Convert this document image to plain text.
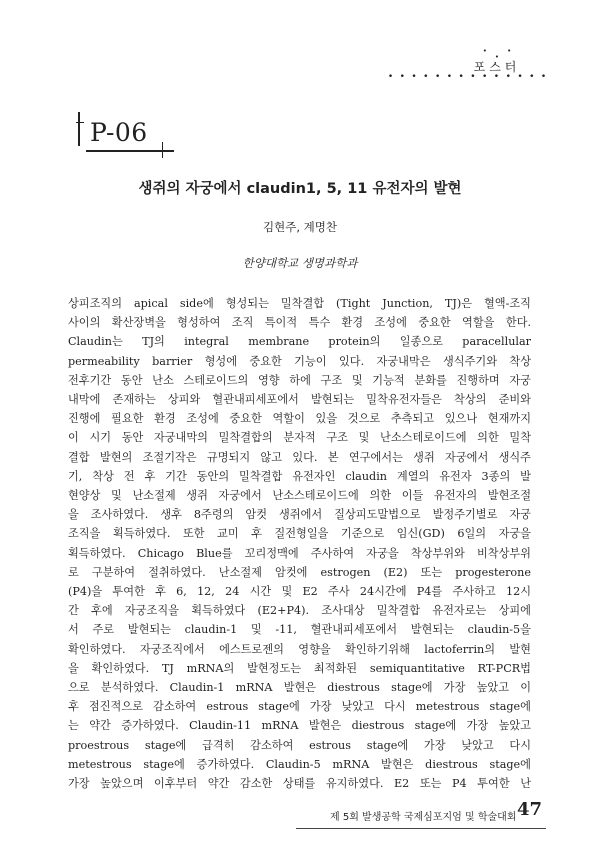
• • •
포스터
• • • • • • • • • • • • • •
P-06
생쥐의 자궁에서 claudin1, 5, 11 유전자의 발현
김현주, 계명찬
한양대학교 생명과학과
상피조직의 apical side에 형성되는 밀착결합 (Tight Junction, TJ)은 혈액-조직
사이의 확산장벽을 형성하여 조직 특이적 특수 환경 조성에 중요한 역할을 한다.
Claudin는 TJ의 integral membrane protein의 일종으로 paracellular
permeability barrier 형성에 중요한 기능이 있다. 자궁내막은 생식주기와 착상
전후기간 동안 난소 스테로이드의 영향 하에 구조 및 기능적 분화를 진행하며 자궁
내막에 존재하는 상피와 혈관내피세포에서 발현되는 밀착유전자들은 착상의 준비와
진행에 필요한 환경 조성에 중요한 역할이 있을 것으로 추측되고 있으나 현재까지
이 시기 동안 자궁내막의 밀착결합의 분자적 구조 및 난소스테로이드에 의한 밀착
결합 발현의 조절기작은 규명되지 않고 있다. 본 연구에서는 생쥐 자궁에서 생식주
기, 착상 전 후 기간 동안의 밀착결합 유전자인 claudin 계열의 유전자 3종의 발
현양상 및 난소절제 생쥐 자궁에서 난소스테로이드에 의한 이들 유전자의 발현조절
을 조사하였다. 생후 8주령의 암컷 생쥐에서 질상피도말법으로 발정주기별로 자궁
조직을 획득하였다. 또한 교미 후 질전형일을 기준으로 임신(GD) 6일의 자궁을
획득하였다. Chicago Blue를 꼬리정맥에 주사하여 자궁을 착상부위와 비착상부위
로 구분하여 절취하였다. 난소절제 암컷에 estrogen (E2) 또는 progesterone
(P4)을 투여한 후 6, 12, 24 시간 및 E2 주사 24시간에 P4를 주사하고 12시
간 후에 자궁조직을 획득하였다 (E2+P4). 조사대상 밀착결합 유전자로는 상피에
서 주로 발현되는 claudin-1 및 -11, 혈관내피세포에서 발현되는 claudin-5을
확인하였다. 자궁조직에서 에스트로젠의 영향을 확인하기위해 lactoferrin의 발현
을 확인하였다. TJ mRNA의 발현정도는 최적화된 semiquantitative RT-PCR법
으로 분석하였다. Claudin-1 mRNA 발현은 diestrous stage에 가장 높았고 이
후 점진적으로 감소하여 estrous stage에 가장 낮았고 다시 metestrous stage에
는 약간 증가하였다. Claudin-11 mRNA 발현은 diestrous stage에 가장 높았고
proestrous stage에 급격히 감소하여 estrous stage에 가장 낮았고 다시
metestrous stage에 증가하였다. Claudin-5 mRNA 발현은 diestrous stage에
가장 높았으며 이후부터 약간 감소한 상태를 유지하였다. E2 또는 P4 투여한 난
제 5회 발생공학 국제심포지엄 및 학술대회 47
